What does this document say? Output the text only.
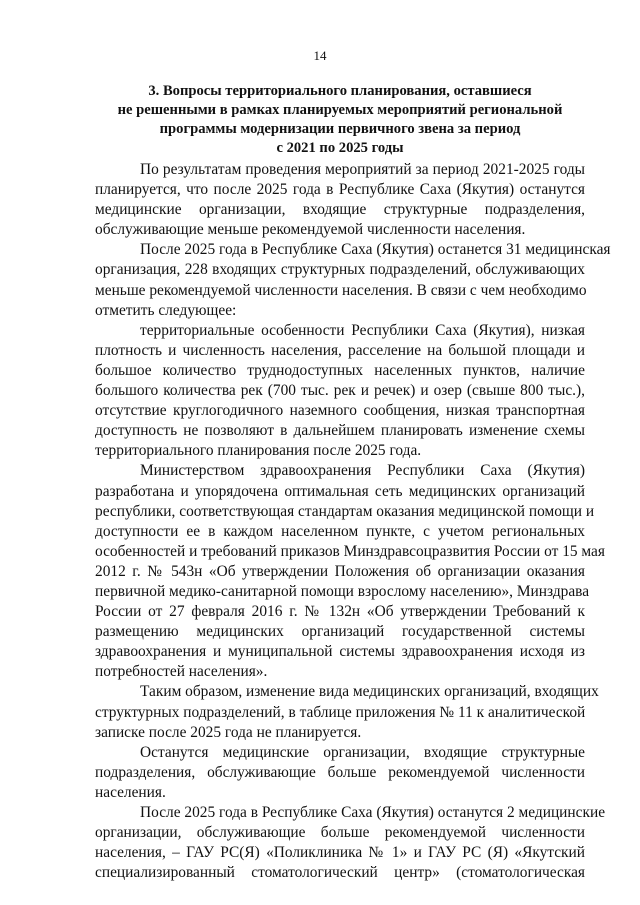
14
3. Вопросы территориального планирования, оставшиеся
не решенными в рамках планируемых мероприятий региональной
программы модернизации первичного звена за период
с 2021 по 2025 годы
По результатам проведения мероприятий за период 2021-2025 годы
планируется, что после 2025 года в Республике Саха (Якутия) останутся
медицинские организации, входящие структурные подразделения,
обслуживающие меньше рекомендуемой численности населения.
После 2025 года в Республике Саха (Якутия) останется 31 медицинская
организация, 228 входящих структурных подразделений, обслуживающих
меньше рекомендуемой численности населения. В связи с чем необходимо
отметить следующее:
территориальные особенности Республики Саха (Якутия), низкая
плотность и численность населения, расселение на большой площади и
большое количество труднодоступных населенных пунктов, наличие
большого количества рек (700 тыс. рек и речек) и озер (свыше 800 тыс.),
отсутствие круглогодичного наземного сообщения, низкая транспортная
доступность не позволяют в дальнейшем планировать изменение схемы
территориального планирования после 2025 года.
Министерством здравоохранения Республики Саха (Якутия)
разработана и упорядочена оптимальная сеть медицинских организаций
республики, соответствующая стандартам оказания медицинской помощи и
доступности ее в каждом населенном пункте, с учетом региональных
особенностей и требований приказов Минздравсоцразвития России от 15 мая
2012 г. № 543н «Об утверждении Положения об организации оказания
первичной медико-санитарной помощи взрослому населению», Минздрава
России от 27 февраля 2016 г. № 132н «Об утверждении Требований к
размещению медицинских организаций государственной системы
здравоохранения и муниципальной системы здравоохранения исходя из
потребностей населения».
Таким образом, изменение вида медицинских организаций, входящих
структурных подразделений, в таблице приложения № 11 к аналитической
записке после 2025 года не планируется.
Останутся медицинские организации, входящие структурные
подразделения, обслуживающие больше рекомендуемой численности
населения.
После 2025 года в Республике Саха (Якутия) останутся 2 медицинские
организации, обслуживающие больше рекомендуемой численности
населения, – ГАУ РС(Я) «Поликлиника № 1» и ГАУ РС (Я) «Якутский
специализированный стоматологический центр» (стоматологическая
